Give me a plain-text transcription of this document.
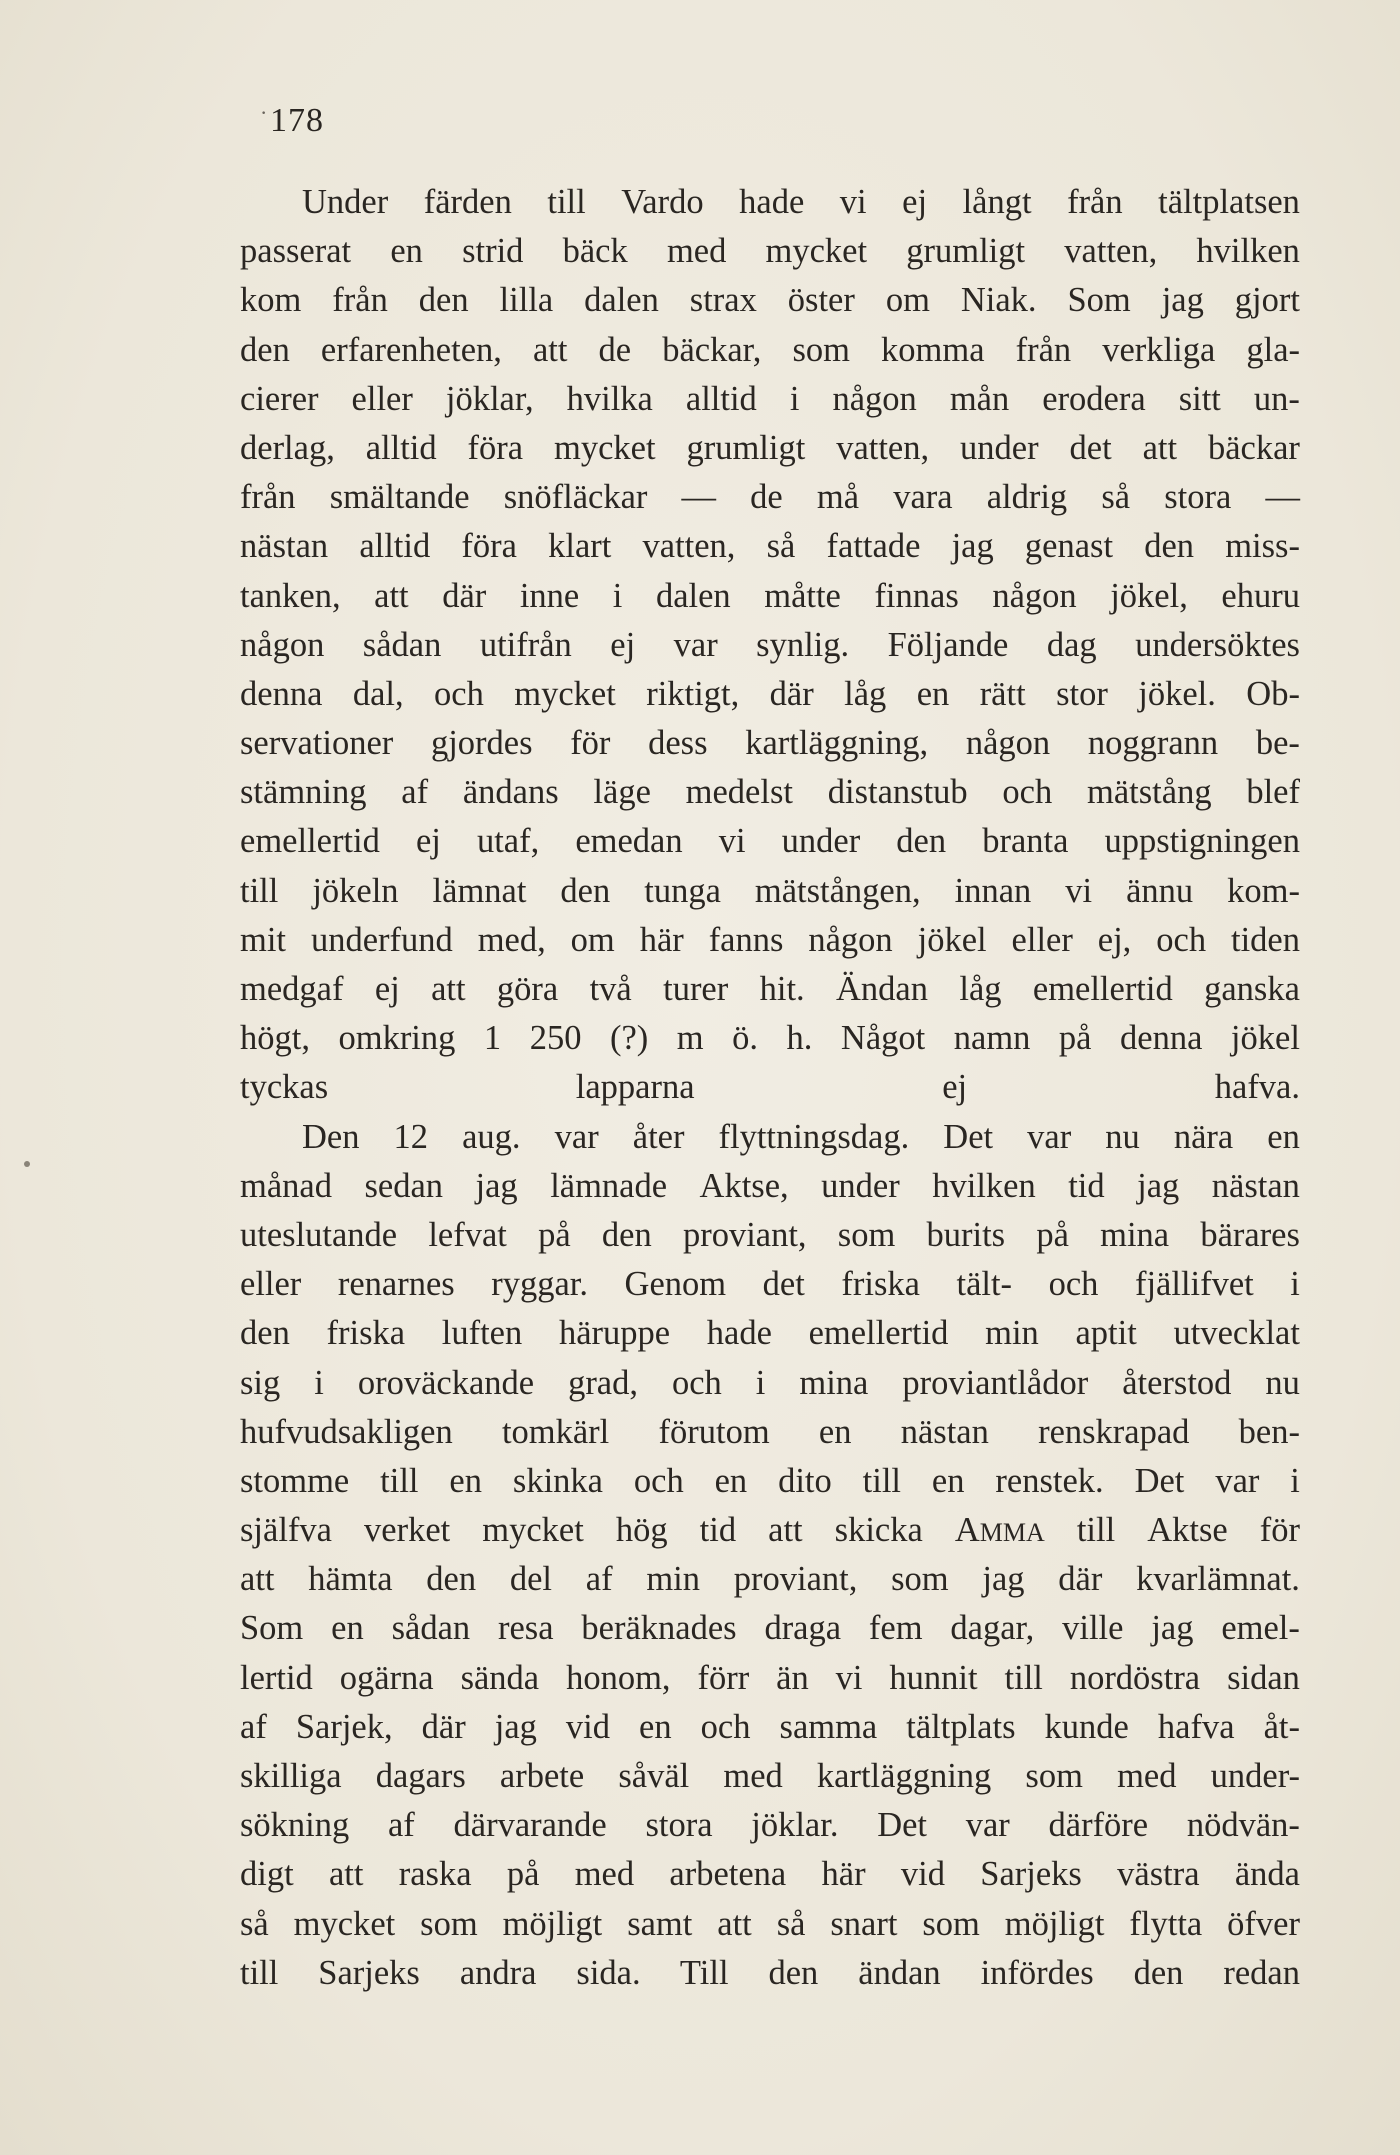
· 178
Under färden till Vardo hade vi ej långt från tältplatsen
passerat en strid bäck med mycket grumligt vatten, hvilken
kom från den lilla dalen strax öster om Niak. Som jag gjort
den erfarenheten, att de bäckar, som komma från verkliga gla-
cierer eller jöklar, hvilka alltid i någon mån erodera sitt un-
derlag, alltid föra mycket grumligt vatten, under det att bäckar
från smältande snöfläckar — de må vara aldrig så stora —
nästan alltid föra klart vatten, så fattade jag genast den miss-
tanken, att där inne i dalen måtte finnas någon jökel, ehuru
någon sådan utifrån ej var synlig. Följande dag undersöktes
denna dal, och mycket riktigt, där låg en rätt stor jökel. Ob-
servationer gjordes för dess kartläggning, någon noggrann be-
stämning af ändans läge medelst distanstub och mätstång blef
emellertid ej utaf, emedan vi under den branta uppstigningen
till jökeln lämnat den tunga mätstången, innan vi ännu kom-
mit underfund med, om här fanns någon jökel eller ej, och tiden
medgaf ej att göra två turer hit. Ändan låg emellertid ganska
högt, omkring 1 250 (?) m ö. h. Något namn på denna jökel
tyckas lapparna ej hafva.
Den 12 aug. var åter flyttningsdag. Det var nu nära en
månad sedan jag lämnade Aktse, under hvilken tid jag nästan
uteslutande lefvat på den proviant, som burits på mina bärares
eller renarnes ryggar. Genom det friska tält- och fjällifvet i
den friska luften häruppe hade emellertid min aptit utvecklat
sig i oroväckande grad, och i mina proviantlådor återstod nu
hufvudsakligen tomkärl förutom en nästan renskrapad ben-
stomme till en skinka och en dito till en renstek. Det var i
själfva verket mycket hög tid att skicka AMMA till Aktse för
att hämta den del af min proviant, som jag där kvarlämnat.
Som en sådan resa beräknades draga fem dagar, ville jag emel-
lertid ogärna sända honom, förr än vi hunnit till nordöstra sidan
af Sarjek, där jag vid en och samma tältplats kunde hafva åt-
skilliga dagars arbete såväl med kartläggning som med under-
sökning af därvarande stora jöklar. Det var därföre nödvän-
digt att raska på med arbetena här vid Sarjeks västra ända
så mycket som möjligt samt att så snart som möjligt flytta öfver
till Sarjeks andra sida. Till den ändan infördes den redan
